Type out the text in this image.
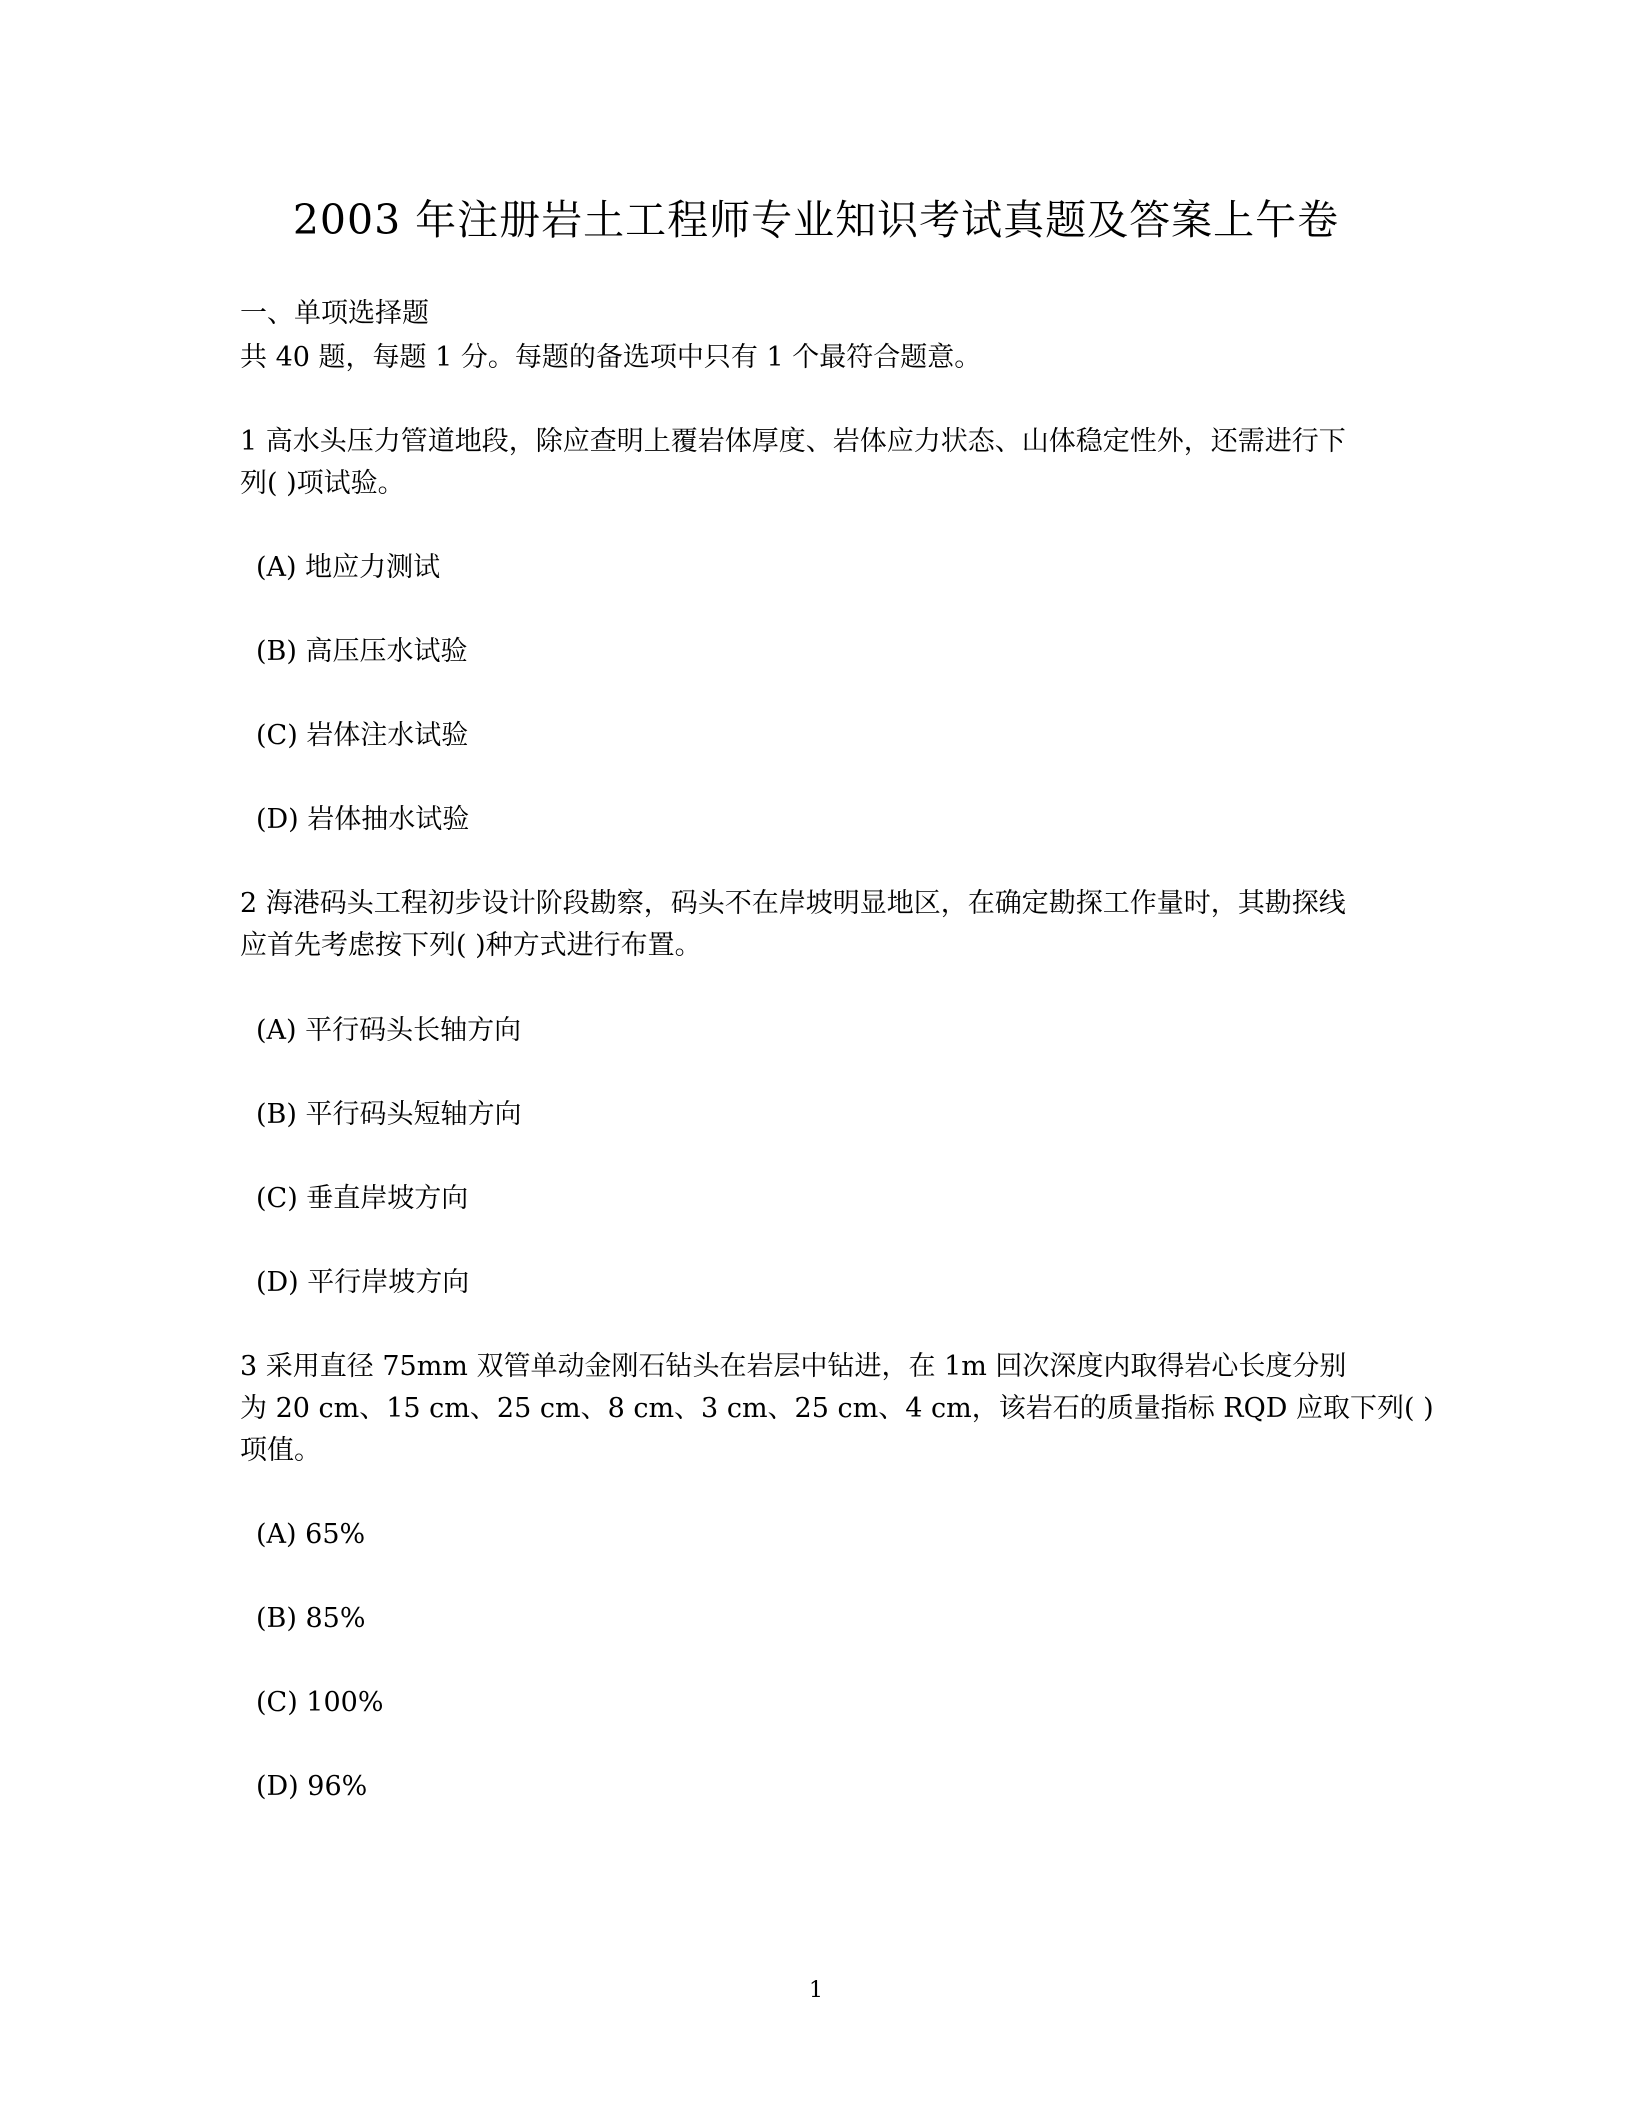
2003 年注册岩土工程师专业知识考试真题及答案上午卷
一、单项选择题
共 40 题，每题 1 分。每题的备选项中只有 1 个最符合题意。
1 高水头压力管道地段，除应查明上覆岩体厚度、岩体应力状态、山体稳定性外，还需进行下
列( )项试验。
(A) 地应力测试
(B) 高压压水试验
(C) 岩体注水试验
(D) 岩体抽水试验
2 海港码头工程初步设计阶段勘察，码头不在岸坡明显地区，在确定勘探工作量时，其勘探线
应首先考虑按下列( )种方式进行布置。
(A) 平行码头长轴方向
(B) 平行码头短轴方向
(C) 垂直岸坡方向
(D) 平行岸坡方向
3 采用直径 75mm 双管单动金刚石钻头在岩层中钻进，在 1m 回次深度内取得岩心长度分别
为 20 cm、15 cm、25 cm、8 cm、3 cm、25 cm、4 cm，该岩石的质量指标 RQD 应取下列( )
项值。
(A) 65%
(B) 85%
(C) 100%
(D) 96%
1
